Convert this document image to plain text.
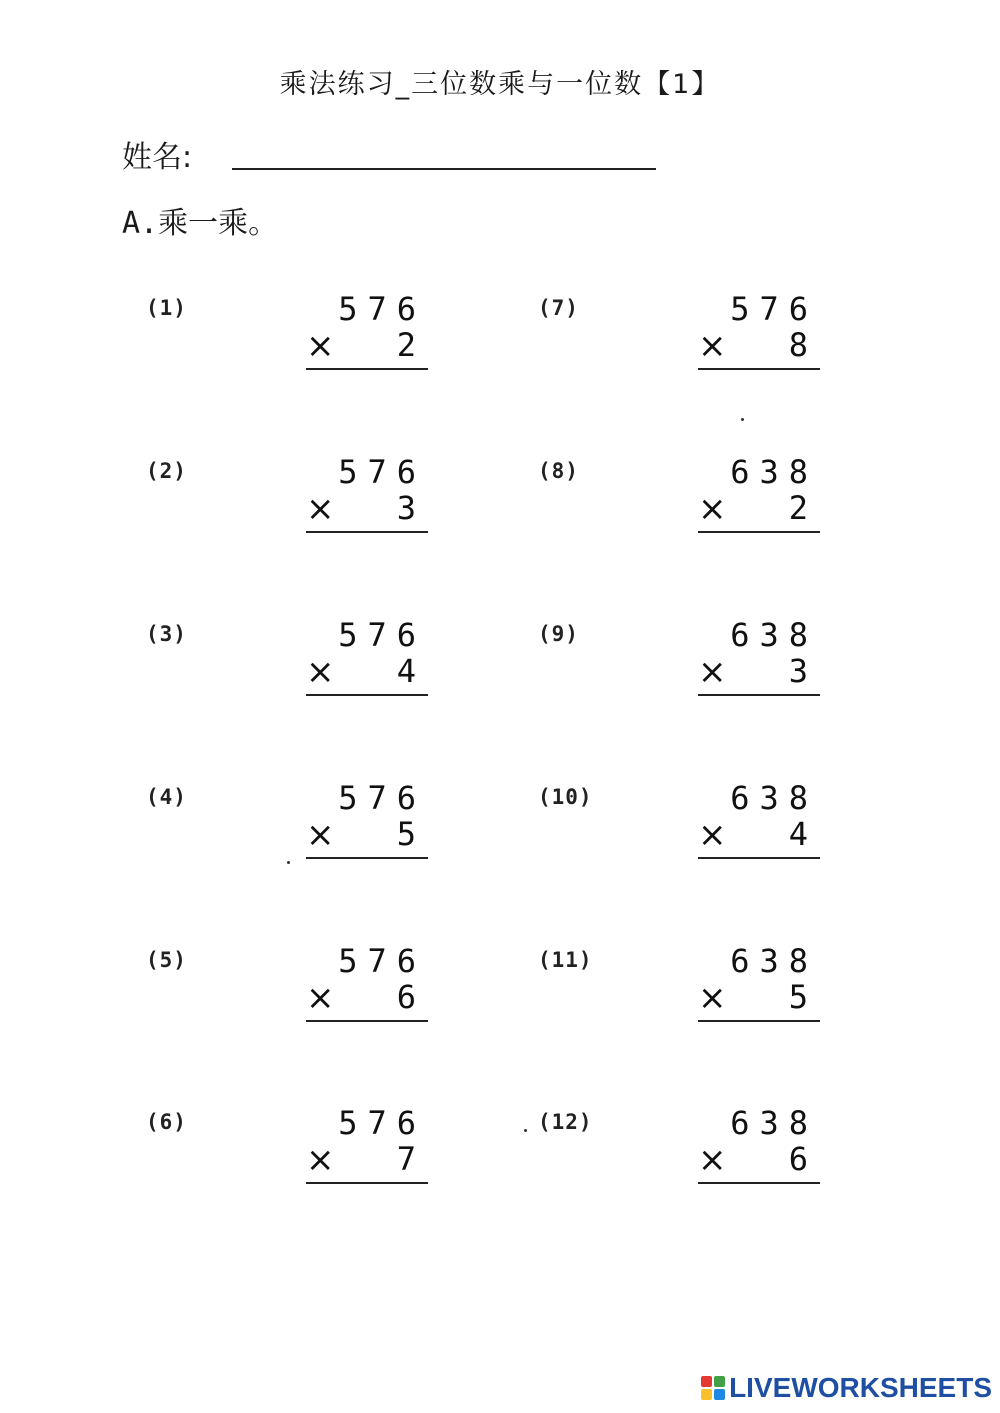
乘法练习_三位数乘与一位数【1】
姓名:
A.乘一乘。
(1)	576
×	2
(2)	576
×	3
(3)	576
×	4
(4)	576
×	5
(5)	576
×	6
(6)	576
×	7
(7)	576
×	8
(8)	638
×	2
(9)	638
×	3
(10)	638
×	4
(11)	638
×	5
(12)	638
×	6
LIVEWORKSHEETS
